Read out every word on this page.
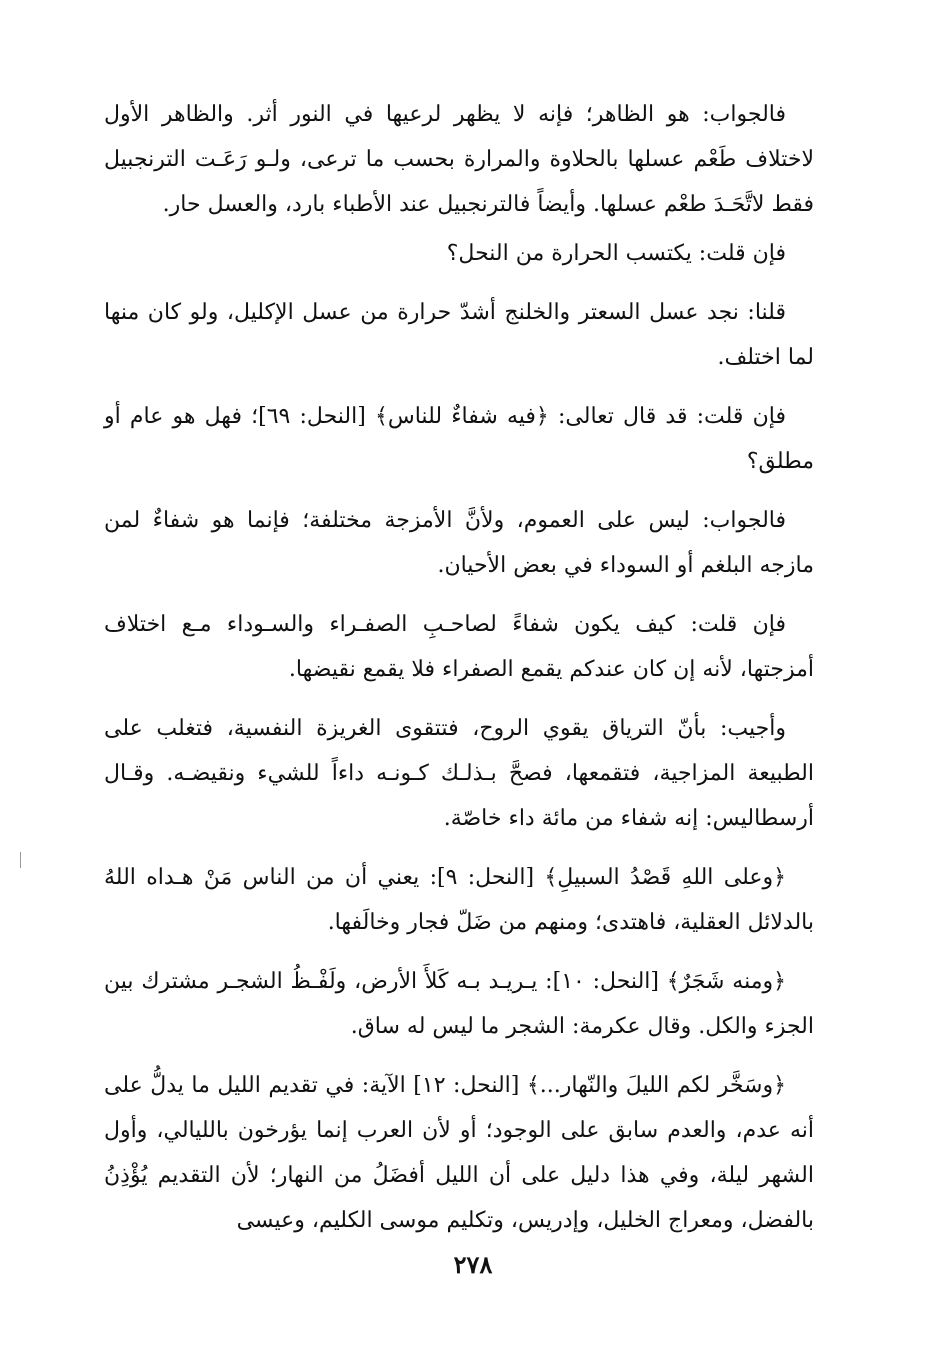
فالجواب: هو الظاهر؛ فإنه لا يظهر لرعيها في النور أثر. والظاهر الأول لاختلاف طَعْم عسلها بالحلاوة والمرارة بحسب ما ترعى، ولـو رَعَـت الترنجبيل فقط لاتَّحَـدَ طعْم عسلها. وأيضاً فالترنجبيل عند الأطباء بارد، والعسل حار.

فإن قلت: يكتسب الحرارة من النحل؟

قلنا: نجد عسل السعتر والخلنج أشدّ حرارة من عسل الإكليل، ولو كان منها لما اختلف.

فإن قلت: قد قال تعالى: ﴿فيه شفاءٌ للناس﴾ [النحل: ٦٩]؛ فهل هو عام أو مطلق؟

فالجواب: ليس على العموم، ولأنَّ الأمزجة مختلفة؛ فإنما هو شفاءٌ لمن مازجه البلغم أو السوداء في بعض الأحيان.

فإن قلت: كيف يكون شفاءً لصاحـبِ الصفـراء والسـوداء مـع اختلاف أمزجتها، لأنه إن كان عندكم يقمع الصفراء فلا يقمع نقيضها.

وأجيب: بأنّ الترياق يقوي الروح، فتتقوى الغريزة النفسية، فتغلب على الطبيعة المزاجية، فتقمعها، فصحَّ بـذلـك كـونـه داءاً للشيء ونقيضـه. وقـال أرسطاليس: إنه شفاء من مائة داء خاصّة.

﴿وعلى اللهِ قَصْدُ السبيلِ﴾ [النحل: ٩]: يعني أن من الناس مَنْ هـداه اللهُ بالدلائل العقلية، فاهتدى؛ ومنهم من ضَلّ فجار وخالَفها.

﴿ومنه شَجَرٌ﴾ [النحل: ١٠]: يـريـد بـه كَلأَ الأرض، ولَفْـظُ الشجـر مشترك بين الجزء والكل. وقال عكرمة: الشجر ما ليس له ساق.

﴿وسَخَّر لكم الليلَ والنّهار...﴾ [النحل: ١٢] الآية: في تقديم الليل ما يدلُّ على أنه عدم، والعدم سابق على الوجود؛ أو لأن العرب إنما يؤرخون بالليالي، وأول الشهر ليلة، وفي هذا دليل على أن الليل أفضَلُ من النهار؛ لأن التقديم يُؤْذِنُ بالفضل، ومعراج الخليل، وإدريس، وتكليم موسى الكليم، وعيسى

٢٧٨
